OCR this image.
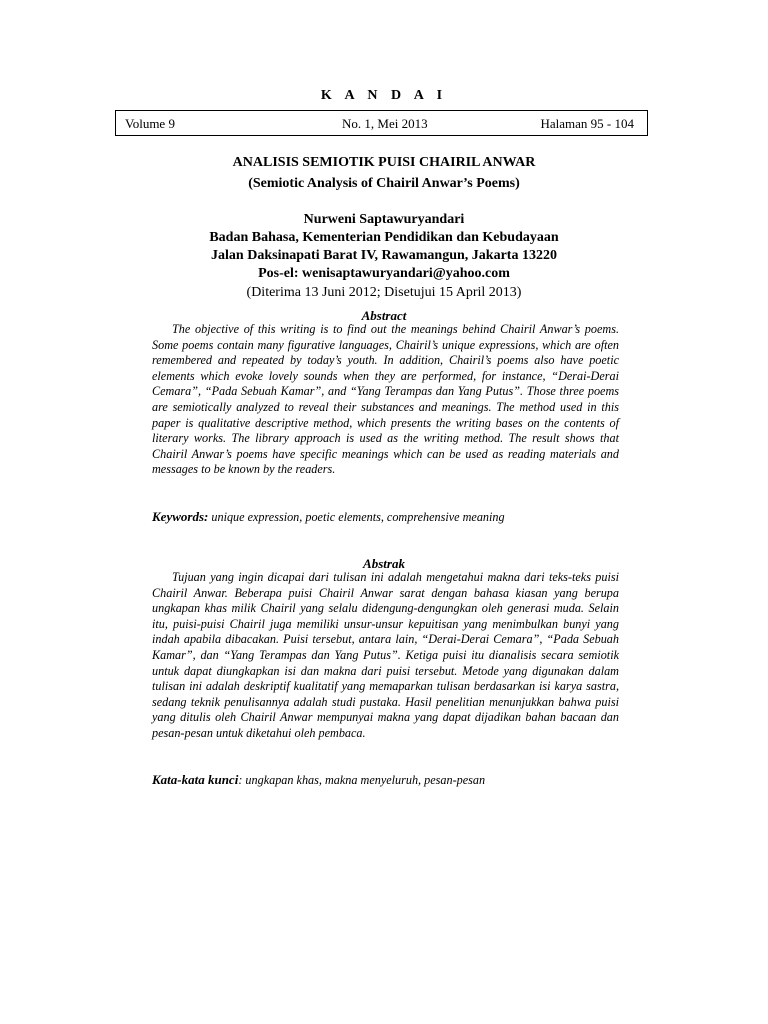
K A N D A I
Volume 9	No. 1, Mei 2013	Halaman 95 - 104
ANALISIS SEMIOTIK PUISI CHAIRIL ANWAR
(Semiotic Analysis of Chairil Anwar’s Poems)
Nurweni Saptawuryandari
Badan Bahasa, Kementerian Pendidikan dan Kebudayaan
Jalan Daksinapati Barat IV, Rawamangun, Jakarta 13220
Pos-el: wenisaptawuryandari@yahoo.com
(Diterima 13 Juni 2012; Disetujui 15 April 2013)
Abstract
The objective of this writing is to find out the meanings behind Chairil Anwar’s poems. Some poems contain many figurative languages, Chairil’s unique expressions, which are often remembered and repeated by today’s youth. In addition, Chairil’s poems also have poetic elements which evoke lovely sounds when they are performed, for instance, “Derai-Derai Cemara”, “Pada Sebuah Kamar”, and “Yang Terampas dan Yang Putus”. Those three poems are semiotically analyzed to reveal their substances and meanings. The method used in this paper is qualitative descriptive method, which presents the writing bases on the contents of literary works. The library approach is used as the writing method. The result shows that Chairil Anwar’s poems have specific meanings which can be used as reading materials and messages to be known by the readers.
Keywords: unique expression, poetic elements, comprehensive meaning
Abstrak
Tujuan yang ingin dicapai dari tulisan ini adalah mengetahui makna dari teks-teks puisi Chairil Anwar. Beberapa puisi Chairil Anwar sarat dengan bahasa kiasan yang berupa ungkapan khas milik Chairil yang selalu didengung-dengungkan oleh generasi muda. Selain itu, puisi-puisi Chairil juga memiliki unsur-unsur kepuitisan yang menimbulkan bunyi yang indah apabila dibacakan. Puisi tersebut, antara lain, “Derai-Derai Cemara”, “Pada Sebuah Kamar”, dan “Yang Terampas dan Yang Putus”. Ketiga puisi itu dianalisis secara semiotik untuk dapat diungkapkan isi dan makna dari puisi tersebut. Metode yang digunakan dalam tulisan ini adalah deskriptif kualitatif yang memaparkan tulisan berdasarkan isi karya sastra, sedang teknik penulisannya adalah studi pustaka. Hasil penelitian menunjukkan bahwa puisi yang ditulis oleh Chairil Anwar mempunyai makna yang dapat dijadikan bahan bacaan dan pesan-pesan untuk diketahui oleh pembaca.
Kata-kata kunci: ungkapan khas, makna menyeluruh, pesan-pesan
